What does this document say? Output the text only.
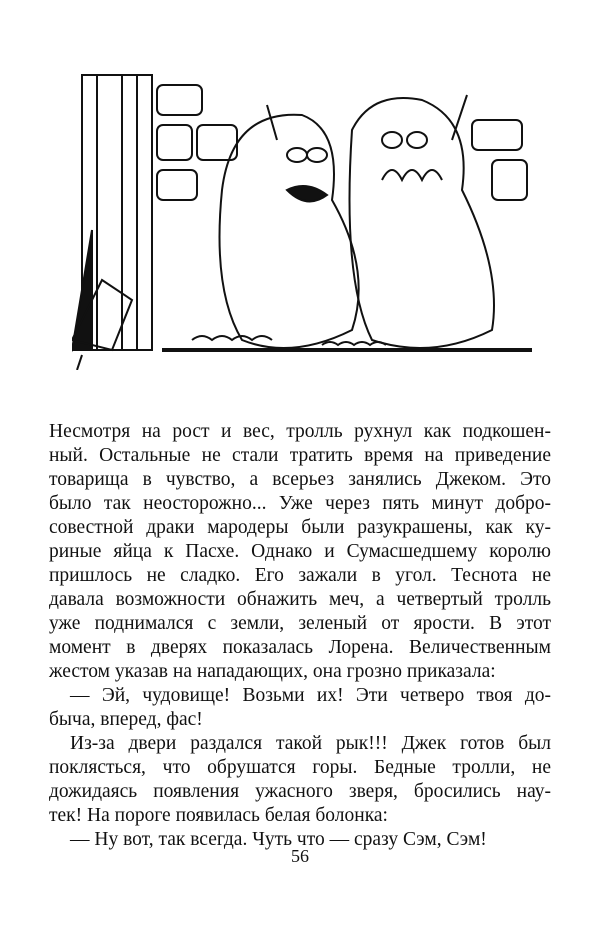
Несмотря на рост и вес, тролль рухнул как подкошен-
ный. Остальные не стали тратить время на приведение
товарища в чувство, а всерьез занялись Джеком. Это
было так неосторожно... Уже через пять минут добро-
совестной драки мародеры были разукрашены, как ку-
риные яйца к Пасхе. Однако и Сумасшедшему королю
пришлось не сладко. Его зажали в угол. Теснота не
давала возможности обнажить меч, а четвертый тролль
уже поднимался с земли, зеленый от ярости. В этот
момент в дверях показалась Лорена. Величественным
жестом указав на нападающих, она грозно приказала:
— Эй, чудовище! Возьми их! Эти четверо твоя до-
быча, вперед, фас!
Из-за двери раздался такой рык!!! Джек готов был
поклясться, что обрушатся горы. Бедные тролли, не
дожидаясь появления ужасного зверя, бросились нау-
тек! На пороге появилась белая болонка:
— Ну вот, так всегда. Чуть что — сразу Сэм, Сэм!
56
